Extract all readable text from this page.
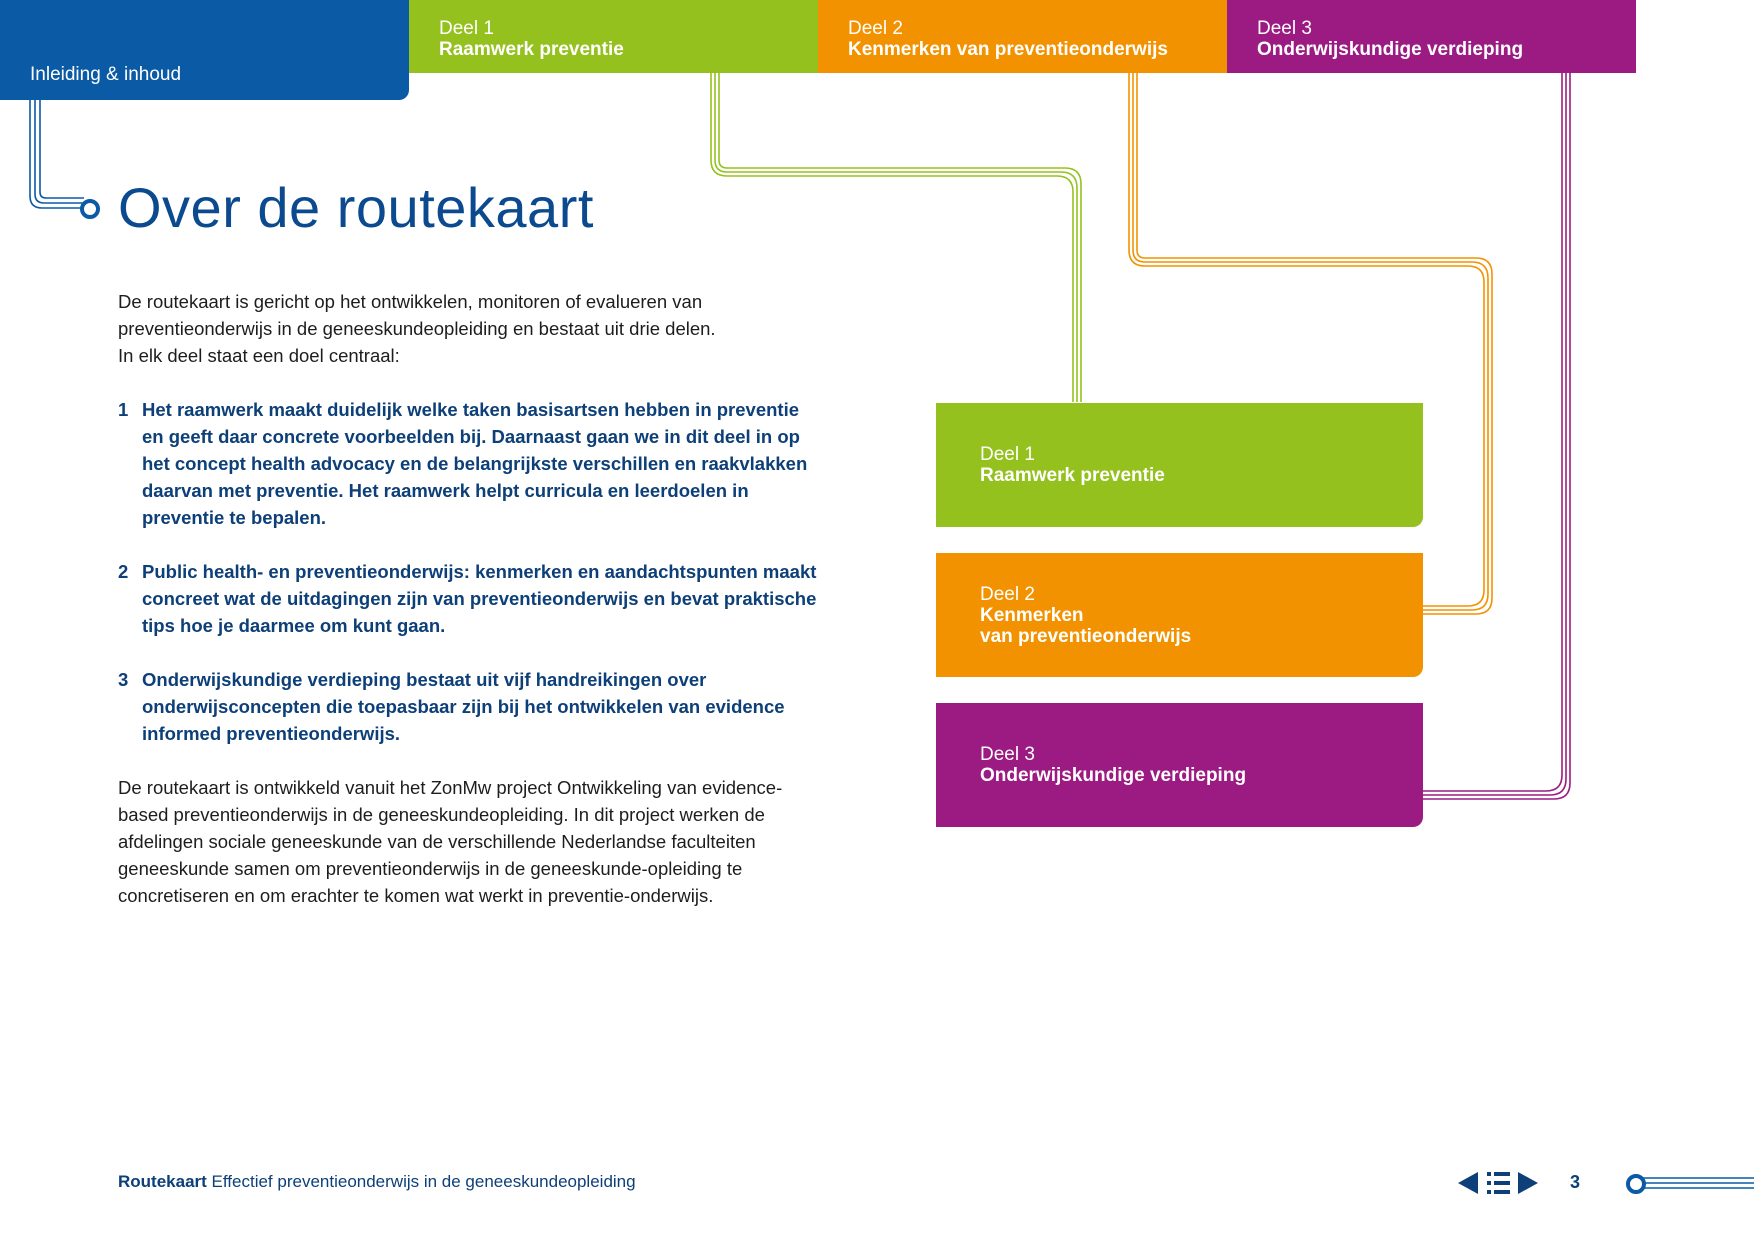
Inleiding & inhoud
Deel 1
Raamwerk preventie
Deel 2
Kenmerken van preventieonderwijs
Deel 3
Onderwijskundige verdieping
Over de routekaart
De routekaart is gericht op het ontwikkelen, monitoren of evalueren van preventieonderwijs in de geneeskundeopleiding en bestaat uit drie delen.
In elk deel staat een doel centraal:
1 Het raamwerk maakt duidelijk welke taken basisartsen hebben in preventie en geeft daar concrete voorbeelden bij. Daarnaast gaan we in dit deel in op het concept health advocacy en de belangrijkste verschillen en raakvlakken daarvan met preventie. Het raamwerk helpt curricula en leerdoelen in preventie te bepalen.
2 Public health- en preventieonderwijs: kenmerken en aandachtspunten maakt concreet wat de uitdagingen zijn van preventieonderwijs en bevat praktische tips hoe je daarmee om kunt gaan.
3 Onderwijskundige verdieping bestaat uit vijf handreikingen over onderwijsconcepten die toepasbaar zijn bij het ontwikkelen van evidence informed preventieonderwijs.
De routekaart is ontwikkeld vanuit het ZonMw project Ontwikkeling van evidence-based preventieonderwijs in de geneeskundeopleiding. In dit project werken de afdelingen sociale geneeskunde van de verschillende Nederlandse faculteiten geneeskunde samen om preventieonderwijs in de geneeskunde-opleiding te concretiseren en om erachter te komen wat werkt in preventie-onderwijs.
Deel 1
Raamwerk preventie
Deel 2
Kenmerken
van preventieonderwijs
Deel 3
Onderwijskundige verdieping
Routekaart Effectief preventieonderwijs in de geneeskundeopleiding	3
